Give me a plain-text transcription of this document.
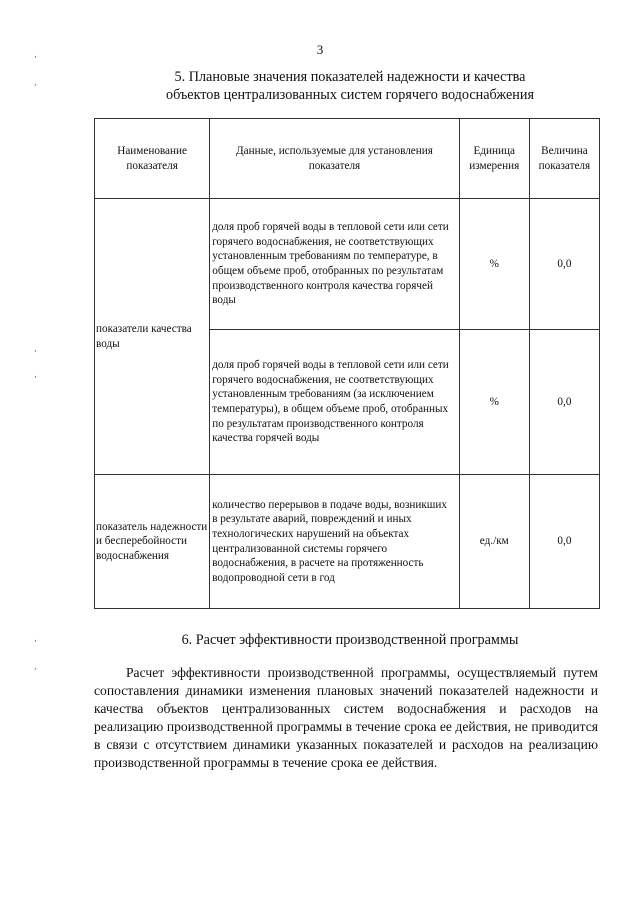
3
5. Плановые значения показателей надежности и качества
объектов централизованных систем горячего водоснабжения
Наименование показателя	Данные, используемые для установления показателя	Единица измерения	Величина показателя
показатели качества воды	доля проб горячей воды в тепловой сети или сети горячего водоснабжения, не соответствующих установленным требованиям по температуре, в общем объеме проб, отобранных по результатам производственного контроля качества горячей воды	%	0,0
	доля проб горячей воды в тепловой сети или сети горячего водоснабжения, не соответствующих установленным требованиям (за исключением температуры), в общем объеме проб, отобранных по результатам производственного контроля качества горячей воды	%	0,0
показатель надежности и бесперебойности водоснабжения	количество перерывов в подаче воды, возникших в результате аварий, повреждений и иных технологических нарушений на объектах централизованной системы горячего водоснабжения, в расчете на протяженность водопроводной сети в год	ед./км	0,0
6. Расчет эффективности производственной программы
Расчет эффективности производственной программы, осуществляемый путем сопоставления динамики изменения плановых значений показателей надежности и качества объектов централизованных систем водоснабжения и расходов на реализацию производственной программы в течение срока ее действия, не приводится в связи с отсутствием динамики указанных показателей и расходов на реализацию производственной программы в течение срока ее действия.
,
,
,
,
,
,
